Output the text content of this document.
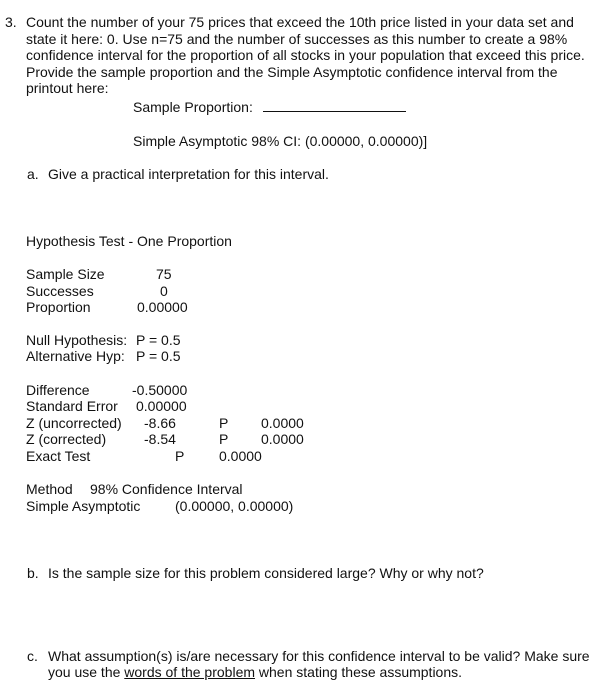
3. Count the number of your 75 prices that exceed the 10th price listed in your data set and
state it here: 0. Use n=75 and the number of successes as this number to create a 98%
confidence interval for the proportion of all stocks in your population that exceed this price.
Provide the sample proportion and the Simple Asymptotic confidence interval from the
printout here:
Sample Proportion:
Simple Asymptotic 98% CI: (0.00000, 0.00000)]
a. Give a practical interpretation for this interval.
Hypothesis Test - One Proportion
Sample Size	75
Successes	0
Proportion	0.00000
Null Hypothesis: P = 0.5
Alternative Hyp: P = 0.5
Difference	-0.50000
Standard Error 0.00000
Z (uncorrected) -8.66	P 0.0000
Z (corrected)	-8.54	P 0.0000
Exact Test	P 0.0000
Method 98% Confidence Interval
Simple Asymptotic (0.00000, 0.00000)
b. Is the sample size for this problem considered large? Why or why not?
c. What assumption(s) is/are necessary for this confidence interval to be valid? Make sure
you use the words of the problem when stating these assumptions.
